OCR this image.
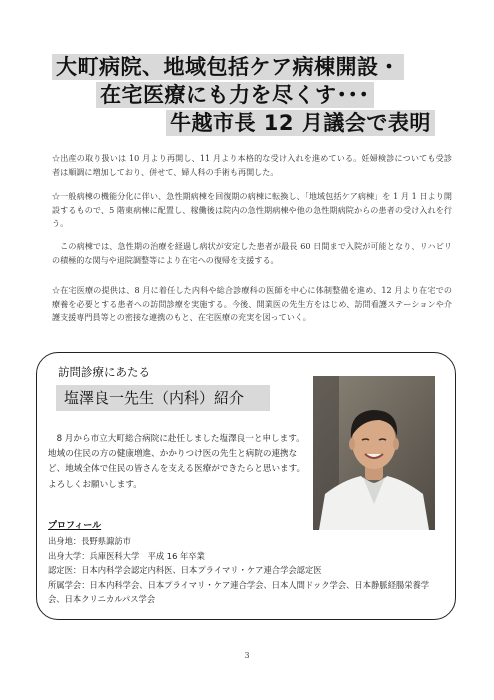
大町病院、地域包括ケア病棟開設・
在宅医療にも力を尽くす･･･
牛越市長 12 月議会で表明

☆出産の取り扱いは 10 月より再開し、11 月より本格的な受け入れを進めている。妊婦検診についても受診者は順調に増加しており、併せて、婦人科の手術も再開した。

☆一般病棟の機能分化に伴い、急性期病棟を回復期の病棟に転換し、「地域包括ケア病棟」を 1 月 1 日より開設するもので、5 階東病棟に配置し、稼働後は院内の急性期病棟や他の急性期病院からの患者の受け入れを行う。

　この病棟では、急性期の治療を経過し病状が安定した患者が最長 60 日間まで入院が可能となり、リハビリの積極的な関与や退院調整等により在宅への復帰を支援する。

☆在宅医療の提供は、8 月に着任した内科や総合診療科の医師を中心に体制整備を進め、12 月より在宅での療養を必要とする患者への訪問診療を実施する。今後、開業医の先生方をはじめ、訪問看護ステーションや介護支援専門員等との密接な連携のもと、在宅医療の充実を図っていく。

訪問診療にあたる
塩澤良一先生（内科）紹介

　8 月から市立大町総合病院に赴任しました塩澤良一と申します。地域の住民の方の健康増進、かかりつけ医の先生と病院の連携など、地域全体で住民の皆さんを支える医療ができたらと思います。よろしくお願いします。

プロフィール
出身地：長野県諏訪市
出身大学：兵庫医科大学　平成 16 年卒業
認定医：日本内科学会認定内科医、日本プライマリ・ケア連合学会認定医
所属学会：日本内科学会、日本プライマリ・ケア連合学会、日本人間ドック学会、日本静脈経腸栄養学会、日本クリニカルパス学会
3
